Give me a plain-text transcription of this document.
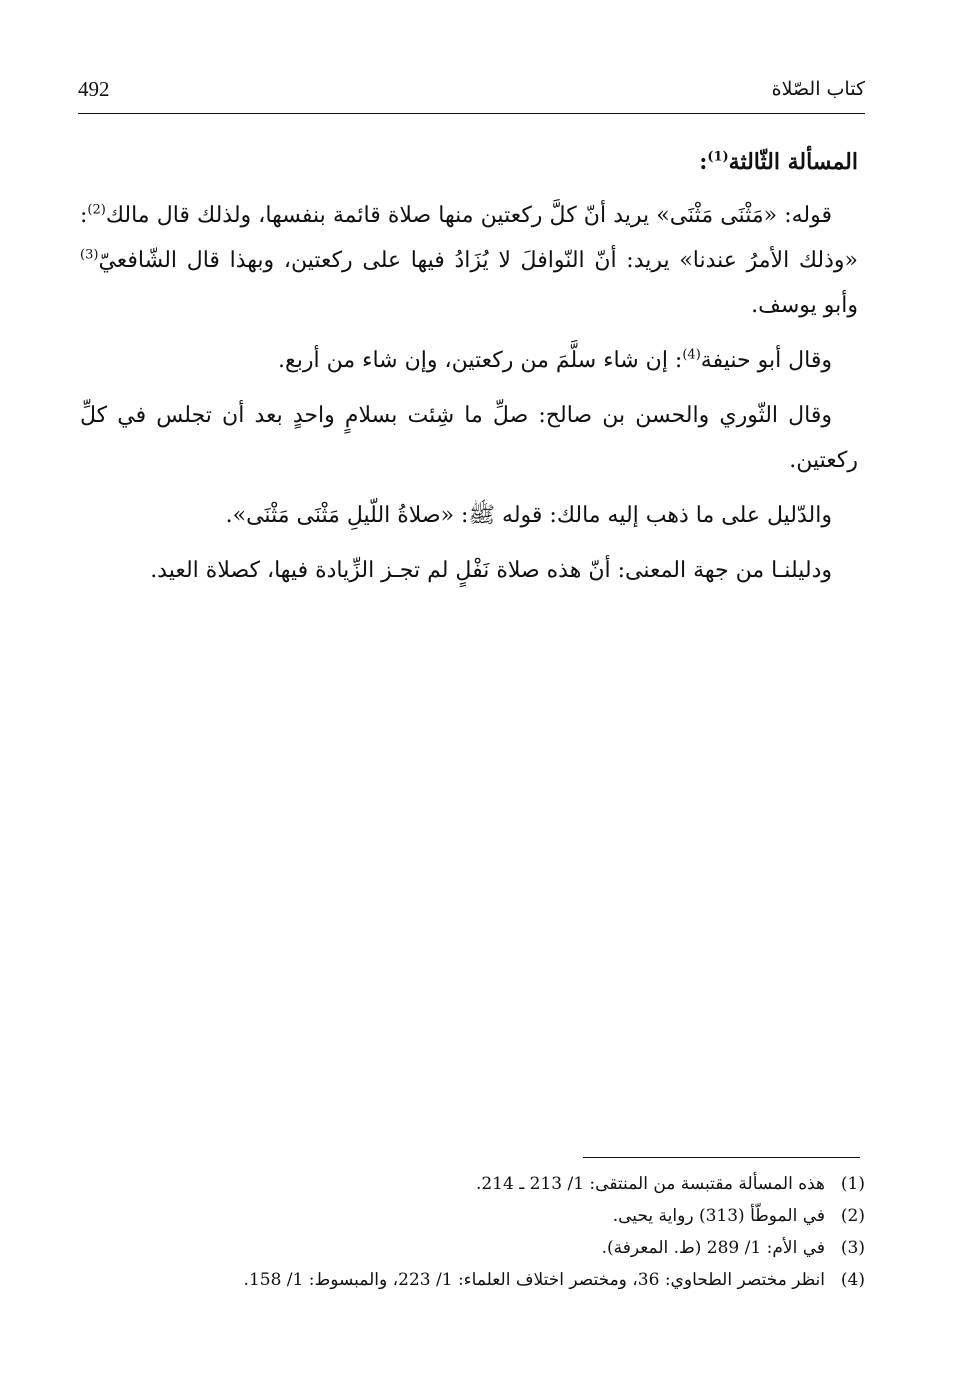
492	كتاب الصّلاة

المسألة الثّالثة$^{(1)}$:

قوله: «مَثْنَى مَثْنَى» يريد أنّ كلَّ ركعتين منها صلاة قائمة بنفسها، ولذلك قال مالك$^{(2)}$: «وذلك الأمرُ عندنا» يريد: أنّ النّوافلَ لا يُزَادُ فيها على ركعتين، وبهذا قال الشّافعيّ$^{(3)}$ وأبو يوسف.

وقال أبو حنيفة$^{(4)}$: إن شاء سلَّمَ من ركعتين، وإن شاء من أربع.

وقال الثّوري والحسن بن صالح: صلِّ ما شِئت بسلامٍ واحدٍ بعد أن تجلس في كلِّ ركعتين.

والدّليل على ما ذهب إليه مالك: قوله ﷺ: «صلاةُ اللّيلِ مَثْنَى مَثْنَى».

ودليلنـا من جهة المعنى: أنّ هذه صلاة نَفْلٍ لم تجـز الزِّيادة فيها، كصلاة العيد.

(1)
هذه المسألة مقتبسة من المنتقى: 1/ 213 ـ 214.
(2)
في الموطّأ (313) رواية يحيى.
(3)
في الأم: 1/ 289 (ط. المعرفة).
(4)
انظر مختصر الطحاوي: 36، ومختصر اختلاف العلماء: 1/ 223، والمبسوط: 1/ 158.
